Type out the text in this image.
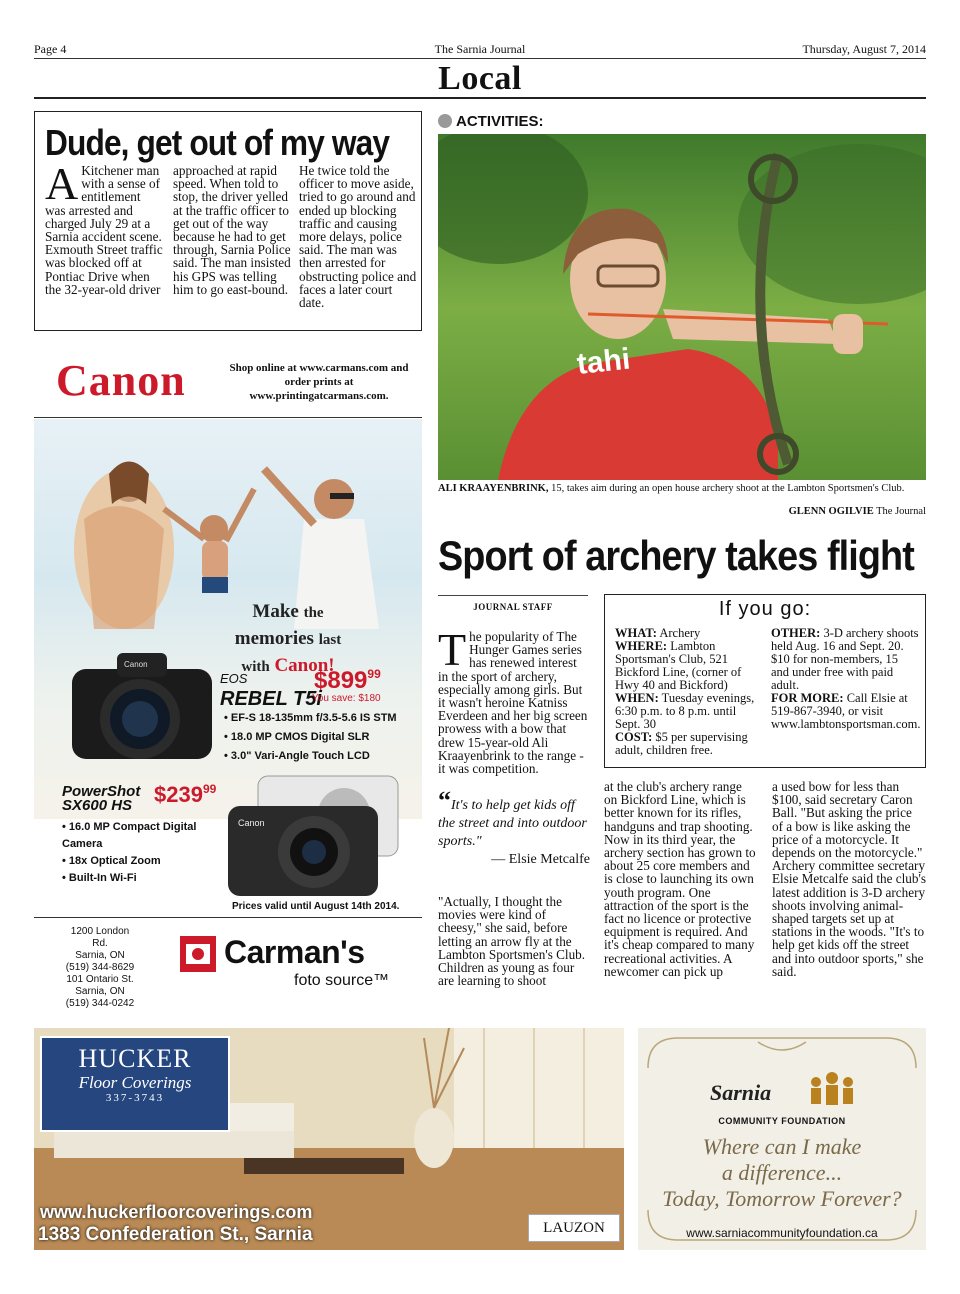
Page 4	The Sarnia Journal	Thursday, August 7, 2014
Local
Dude, get out of my way
A Kitchener man with a sense of entitlement was arrested and charged July 29 at a Sarnia accident scene. Exmouth Street traffic was blocked off at Pontiac Drive when the 32-year-old driver
approached at rapid speed. When told to stop, the driver yelled at the traffic officer to get out of the way because he had to get through, Sarnia Police said. The man insisted his GPS was telling him to go east-bound.
He twice told the officer to move aside, tried to go around and ended up blocking traffic and causing more delays, police said. The man was then arrested for obstructing police and faces a later court date.
Canon	Shop online at www.carmans.com and order prints at www.printingatcarmans.com.
Make the
memories last
with Canon!
Canon
EOS
REBEL T5i
$\$899^{99}$
You save: $180
• EF-S 18-135mm f/3.5-5.6 IS STM
• 18.0 MP CMOS Digital SLR
• 3.0" Vari-Angle Touch LCD
PowerShot
SX600 HS $\$239^{99}$
• 16.0 MP Compact Digital Camera
• 18x Optical Zoom
• Built-In Wi-Fi
Canon
Prices valid until August 14th 2014.
1200 London Rd.
Sarnia, ON
(519) 344-8629
101 Ontario St.
Sarnia, ON
(519) 344-0242
Carman's
foto source™
ACTIVITIES:
tahi
ALI KRAAYENBRINK, 15, takes aim during an open house archery shoot at the Lambton Sportsmen's Club.
GLENN OGILVIE The Journal
Sport of archery takes flight
JOURNAL STAFF
The popularity of The Hunger Games series has renewed interest in the sport of archery, especially among girls. But it wasn't heroine Katniss Everdeen and her big screen prowess with a bow that drew 15-year-old Ali Kraayenbrink to the range - it was competition.
“It's to help get kids off the street and into outdoor sports."
— Elsie Metcalfe
"Actually, I thought the movies were kind of cheesy," she said, before letting an arrow fly at the Lambton Sportsmen's Club. Children as young as four are learning to shoot
at the club's archery range on Bickford Line, which is better known for its rifles, handguns and trap shooting. Now in its third year, the archery section has grown to about 25 core members and is close to launching its own youth program. One attraction of the sport is the fact no licence or protective equipment is required. And it's cheap compared to many recreational activities. A newcomer can pick up
a used bow for less than $100, said secretary Caron Ball. "But asking the price of a bow is like asking the price of a motorcycle. It depends on the motorcycle." Archery committee secretary Elsie Metcalfe said the club's latest addition is 3-D archery shoots involving animal-shaped targets set up at stations in the woods. "It's to help get kids off the street and into outdoor sports," she said.
If you go:
WHAT: Archery
WHERE: Lambton Sportsman's Club, 521 Bickford Line, (corner of Hwy 40 and Bickford)
WHEN: Tuesday evenings, 6:30 p.m. to 8 p.m. until Sept. 30
COST: $5 per supervising adult, children free.
OTHER: 3-D archery shoots held Aug. 16 and Sept. 20. $10 for non-members, 15 and under free with paid adult.
FOR MORE: Call Elsie at 519-867-3940, or visit www.lambtonsportsman.com.
HUCKER
Floor Coverings
337-3743
www.huckerfloorcoverings.com
1383 Confederation St., Sarnia	LAUZON
Sarnia
COMMUNITY FOUNDATION
Where can I make
a difference...
Today, Tomorrow Forever?
www.sarniacommunityfoundation.ca
